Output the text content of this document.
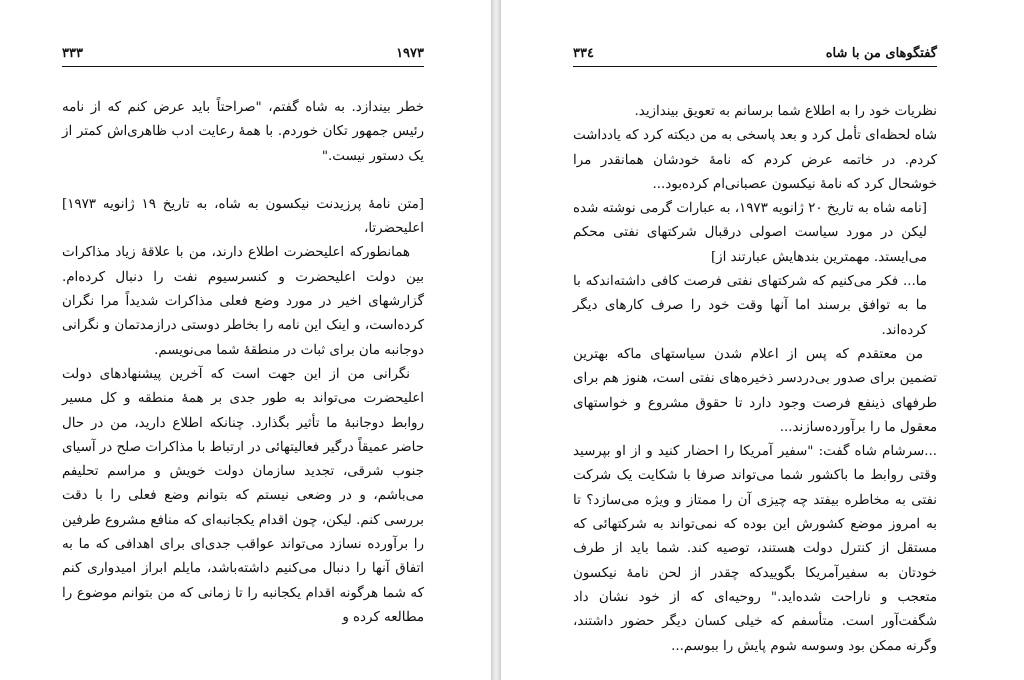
١٩٧٣
٣٣٣

خطر بیندازد. به شاه گفتم، "صراحتاً باید عرض کنم که از نامه رئیس جمهور تکان خوردم. با همهٔ رعایت ادب ظاهری‌اش کمتر از یک دستور نیست."

[متن نامهٔ پرزیدنت نیکسون به شاه، به تاریخ ١٩ ژانویه ١٩٧٣] اعلیحضرتا،

همانطورکه اعلیحضرت اطلاع دارند، من با علاقهٔ زیاد مذاکرات بین دولت اعلیحضرت و کنسرسیوم نفت را دنبال کرده‌ام. گزارشهای اخیر در مورد وضع فعلی مذاکرات شدیداً مرا نگران کرده‌است، و اینک این نامه را بخاطر دوستی درازمدتمان و نگرانی دوجانبه مان برای ثبات در منطقهٔ شما می‌نویسم.

نگرانی من از این جهت است که آخرین پیشنهادهای دولت اعلیحضرت می‌تواند به طور جدی بر همهٔ منطقه و کل مسیر روابط دوجانبهٔ ما تأثیر بگذارد. چنانکه اطلاع دارید، من در حال حاضر عمیقاً درگیر فعالیتهائی در ارتباط با مذاکرات صلح در آسیای جنوب شرقی، تجدید سازمان دولت خویش و مراسم تحلیفم می‌باشم، و در وضعی نیستم که بتوانم وضع فعلی را با دقت بررسی کنم. لیکن، چون اقدام یکجانبه‌ای که منافع مشروع طرفین را برآورده نسازد می‌تواند عواقب جدی‌ای برای اهدافی که ما به اتفاق آنها را دنبال می‌کنیم داشته‌باشد، مایلم ابراز امیدواری کنم که شما هرگونه اقدام یکجانبه را تا زمانی که من بتوانم موضوع را مطالعه کرده و

گفتگوهای من با شاه
٣٣٤

نظریات خود را به اطلاع شما برسانم به تعویق بیندازید.

شاه لحظه‌ای تأمل کرد و بعد پاسخی به من دیکته کرد که یادداشت کردم. در خاتمه عرض کردم که نامهٔ خودشان همانقدر مرا خوشحال کرد که نامهٔ نیکسون عصبانی‌ام کرده‌بود...

[نامه شاه به تاریخ ٢٠ ژانویه ١٩٧٣، به عبارات گرمی نوشته شده لیکن در مورد سیاست اصولی درقبال شرکتهای نفتی محکم می‌ایستد. مهمترین بندهایش عبارتند از]

ما... فکر می‌کنیم که شرکتهای نفتی فرصت کافی داشته‌اندکه با ما به توافق برسند اما آنها وقت خود را صرف کارهای دیگر کرده‌اند.

من معتقدم که پس از اعلام شدن سیاستهای ماکه بهترین تضمین برای صدور بی‌دردسر ذخیره‌های نفتی است، هنوز هم برای طرفهای ذینفع فرصت وجود دارد تا حقوق مشروع و خواستهای معقول ما را برآورده‌سازند...

...سرشام شاه گفت: "سفیر آمریکا را احضار کنید و از او بپرسید وقتی روابط ما باکشور شما می‌تواند صرفا با شکایت یک شرکت نفتی به مخاطره بیفتد چه چیزی آن را ممتاز و ویژه می‌سازد؟ تا به امروز موضع کشورش این بوده که نمی‌تواند به شرکتهائی که مستقل از کنترل دولت هستند، توصیه کند. شما باید از طرف خودتان به سفیرآمریکا بگوییدکه چقدر از لحن نامهٔ نیکسون متعجب و ناراحت شده‌اید." روحیه‌ای که از خود نشان داد شگفت‌آور است. متأسفم که خیلی کسان دیگر حضور داشتند، وگرنه ممکن بود وسوسه شوم پایش را ببوسم...
